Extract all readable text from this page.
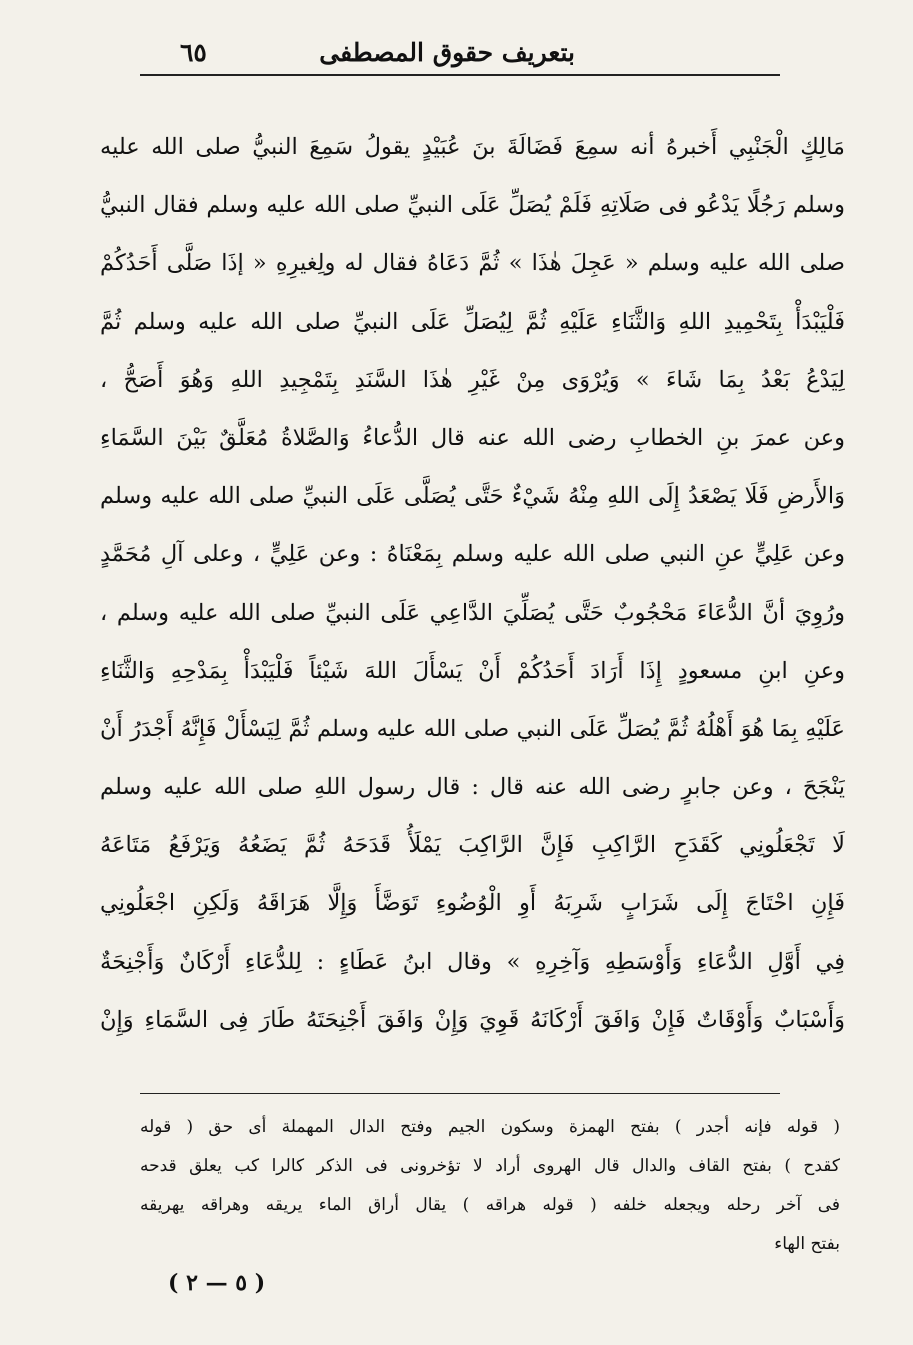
بتعريف حقوق المصطفى
٦٥
مَالِكٍ الْجَنْبِي أَخبرهُ أنه سمِعَ فَضَالَةَ بنَ عُبَيْدٍ يقولُ سَمِعَ النبيُّ صلى الله عليه
وسلم رَجُلًا يَدْعُو فى صَلَاتِهِ فَلَمْ يُصَلِّ عَلَى النبيِّ صلى الله عليه وسلم فقال النبيُّ
صلى الله عليه وسلم « عَجِلَ هٰذَا » ثُمَّ دَعَاهُ فقال له ولِغيرِهِ « إذَا صَلَّى أَحَدُكُمْ
فَلْيَبْدَأْ بِتَحْمِيدِ اللهِ وَالثَّنَاءِ عَلَيْهِ ثُمَّ لِيُصَلِّ عَلَى النبيِّ صلى الله عليه وسلم ثُمَّ
لِيَدْعُ بَعْدُ بِمَا شَاءَ » وَيُرْوَى مِنْ غَيْرِ هٰذَا السَّنَدِ بِتَمْجِيدِ اللهِ وَهُوَ أَصَحُّ ،
وعن عمرَ بنِ الخطابِ رضى الله عنه قال الدُّعاءُ وَالصَّلاةُ مُعَلَّقٌ بَيْنَ السَّمَاءِ
وَالأَرضِ فَلَا يَصْعَدُ إِلَى اللهِ مِنْهُ شَيْءٌ حَتَّى يُصَلَّى عَلَى النبيِّ صلى الله عليه وسلم
وعن عَلِيٍّ عنِ النبي صلى الله عليه وسلم بِمَعْنَاهُ : وعن عَلِيٍّ ، وعلى آلِ مُحَمَّدٍ
ورُوِيَ أنَّ الدُّعَاءَ مَحْجُوبٌ حَتَّى يُصَلِّيَ الدَّاعِي عَلَى النبيِّ صلى الله عليه وسلم ،
وعنِ ابنِ مسعودٍ إِذَا أَرَادَ أَحَدُكُمْ أَنْ يَسْأَلَ اللهَ شَيْئاً فَلْيَبْدَأْ بِمَدْحِهِ وَالثَّنَاءِ
عَلَيْهِ بِمَا هُوَ أَهْلُهُ ثُمَّ يُصَلِّ عَلَى النبي صلى الله عليه وسلم ثُمَّ لِيَسْأَلْ فَإِنَّهُ أَجْدَرُ أَنْ
يَنْجَحَ ، وعن جابرٍ رضى الله عنه قال : قال رسول اللهِ صلى الله عليه وسلم
لَا تَجْعَلُونِي كَقَدَحِ الرَّاكِبِ فَإِنَّ الرَّاكِبَ يَمْلَأُ قَدَحَهُ ثُمَّ يَضَعُهُ وَيَرْفَعُ مَتَاعَهُ
فَإِنِ احْتَاجَ إِلَى شَرَابٍ شَرِبَهُ أَوِ الْوُضُوءِ تَوَضَّأَ وَإِلَّا هَرَاقَهُ وَلَكِنِ اجْعَلُونِي
فِي أَوَّلِ الدُّعَاءِ وَأَوْسَطِهِ وَآخِرِهِ » وقال ابنُ عَطَاءٍ : لِلدُّعَاءِ أَرْكَانٌ وَأَجْنِحَةٌ
وَأَسْبَابٌ وَأَوْقَاتٌ فَإِنْ وَافَقَ أَرْكَانَهُ قَوِيَ وَإِنْ وَافَقَ أَجْنِحَتَهُ طَارَ فِى السَّمَاءِ وَإِنْ
( قوله فإنه أجدر ) بفتح الهمزة وسكون الجيم وفتح الدال المهملة أى حق ( قوله
كقدح ) بفتح القاف والدال قال الهروى أراد لا تؤخرونى فى الذكر كالرا كب يعلق قدحه
فى آخر رحله ويجعله خلفه ( قوله هراقه ) يقال أراق الماء يريقه وهراقه يهريقه
بفتح الهاء
( ٥ — ٢ )
